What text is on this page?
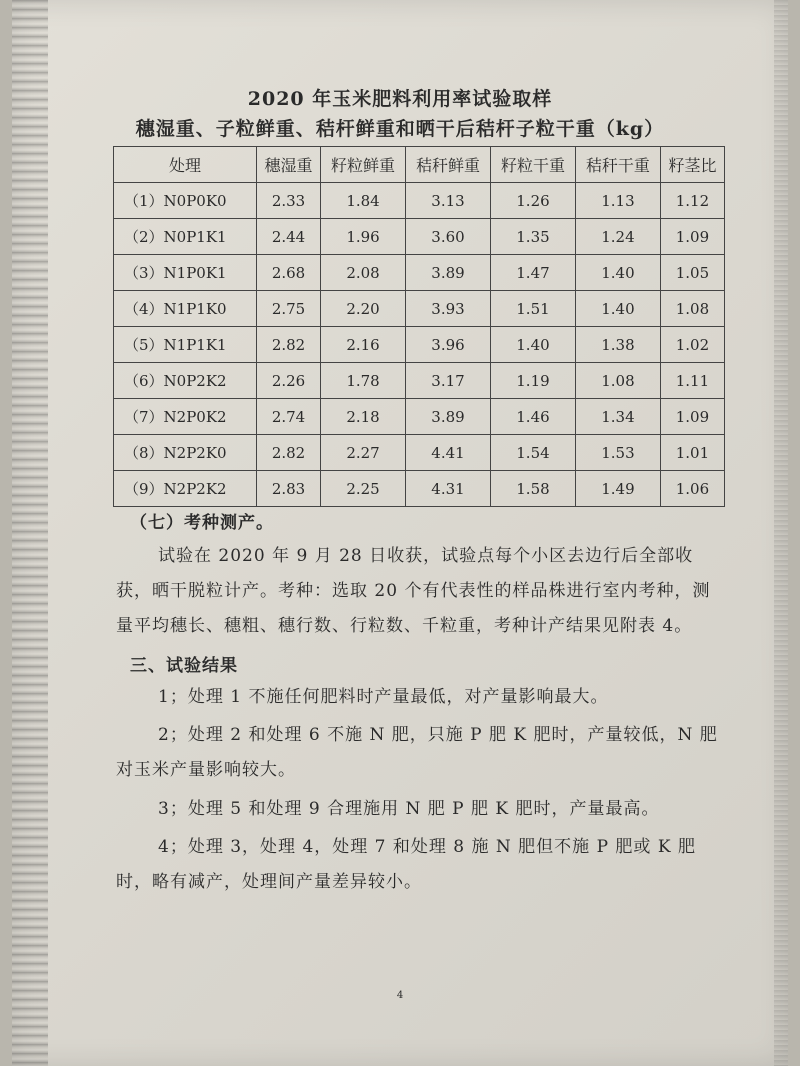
2020 年玉米肥料利用率试验取样
穗湿重、子粒鲜重、秸杆鲜重和晒干后秸杆子粒干重（kg）
处理	穗湿重	籽粒鲜重	秸秆鲜重	籽粒干重	秸秆干重	籽茎比
（1）N0P0K0	2.33	1.84	3.13	1.26	1.13	1.12
（2）N0P1K1	2.44	1.96	3.60	1.35	1.24	1.09
（3）N1P0K1	2.68	2.08	3.89	1.47	1.40	1.05
（4）N1P1K0	2.75	2.20	3.93	1.51	1.40	1.08
（5）N1P1K1	2.82	2.16	3.96	1.40	1.38	1.02
（6）N0P2K2	2.26	1.78	3.17	1.19	1.08	1.11
（7）N2P0K2	2.74	2.18	3.89	1.46	1.34	1.09
（8）N2P2K0	2.82	2.27	4.41	1.54	1.53	1.01
（9）N2P2K2	2.83	2.25	4.31	1.58	1.49	1.06
（七）考种测产。
试验在 2020 年 9 月 28 日收获，试验点每个小区去边行后全部收获，晒干脱粒计产。考种：选取 20 个有代表性的样品株进行室内考种，测量平均穗长、穗粗、穗行数、行粒数、千粒重，考种计产结果见附表 4。
三、试验结果
1；处理 1 不施任何肥料时产量最低，对产量影响最大。
2；处理 2 和处理 6 不施 N 肥，只施 P 肥 K 肥时，产量较低，N 肥对玉米产量影响较大。
3；处理 5 和处理 9 合理施用 N 肥 P 肥 K 肥时，产量最高。
4；处理 3，处理 4，处理 7 和处理 8 施 N 肥但不施 P 肥或 K 肥时，略有减产，处理间产量差异较小。
4
